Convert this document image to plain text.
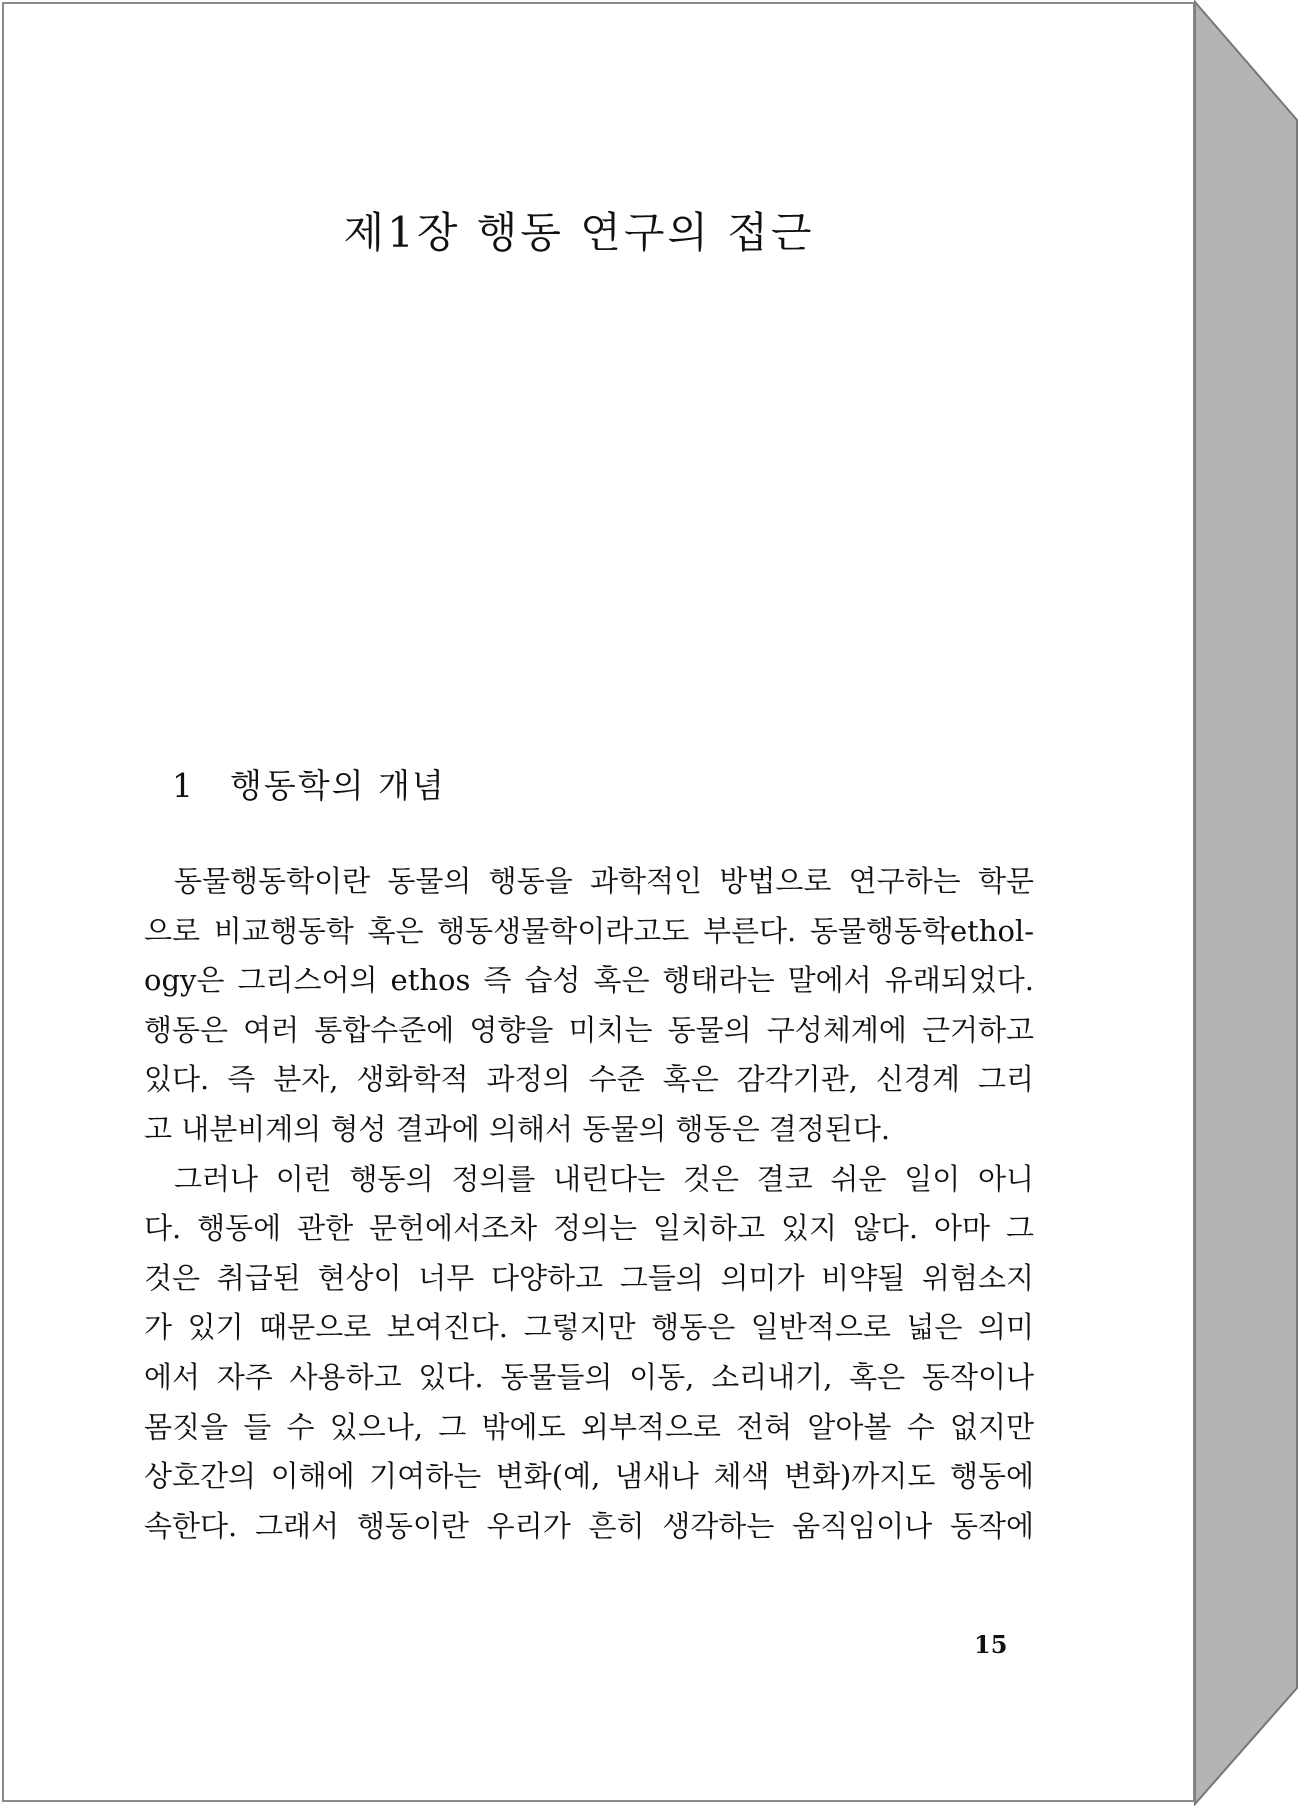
제1장 행동 연구의 접근
1 행동학의 개념
동물행동학이란 동물의 행동을 과학적인 방법으로 연구하는 학문
으로 비교행동학 혹은 행동생물학이라고도 부른다. 동물행동학ethol-
ogy은 그리스어의 ethos 즉 습성 혹은 행태라는 말에서 유래되었다.
행동은 여러 통합수준에 영향을 미치는 동물의 구성체계에 근거하고
있다. 즉 분자, 생화학적 과정의 수준 혹은 감각기관, 신경계 그리
고 내분비계의 형성 결과에 의해서 동물의 행동은 결정된다.
그러나 이런 행동의 정의를 내린다는 것은 결코 쉬운 일이 아니
다. 행동에 관한 문헌에서조차 정의는 일치하고 있지 않다. 아마 그
것은 취급된 현상이 너무 다양하고 그들의 의미가 비약될 위험소지
가 있기 때문으로 보여진다. 그렇지만 행동은 일반적으로 넓은 의미
에서 자주 사용하고 있다. 동물들의 이동, 소리내기, 혹은 동작이나
몸짓을 들 수 있으나, 그 밖에도 외부적으로 전혀 알아볼 수 없지만
상호간의 이해에 기여하는 변화(예, 냄새나 체색 변화)까지도 행동에
속한다. 그래서 행동이란 우리가 흔히 생각하는 움직임이나 동작에
15
